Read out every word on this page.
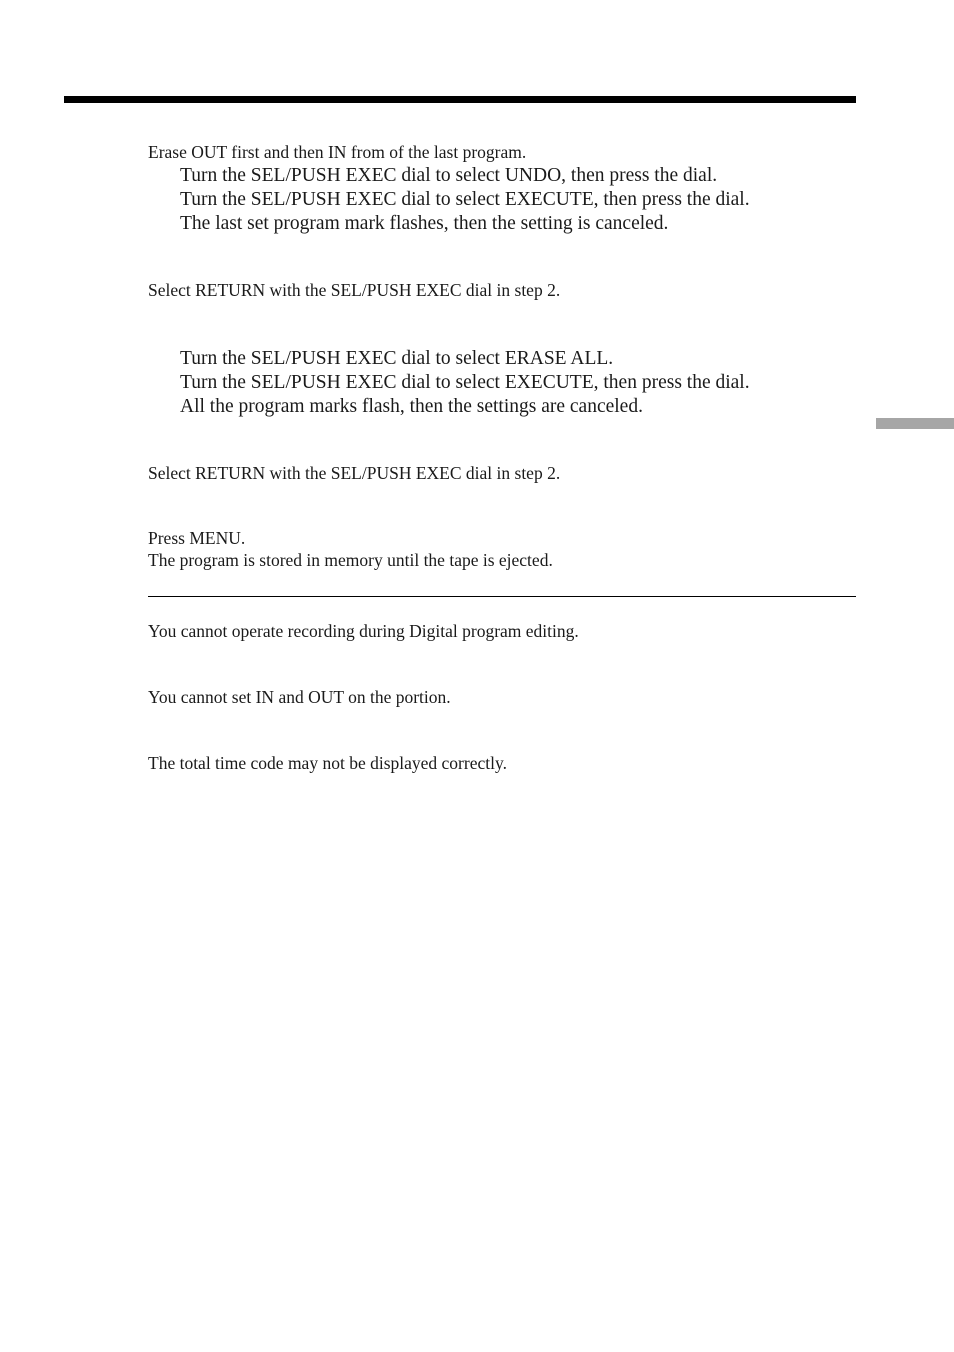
Erase OUT first and then IN from of the last program.
Turn the SEL/PUSH EXEC dial to select UNDO, then press the dial.
Turn the SEL/PUSH EXEC dial to select EXECUTE, then press the dial.
The last set program mark flashes, then the setting is canceled.
Select RETURN with the SEL/PUSH EXEC dial in step 2.
Turn the SEL/PUSH EXEC dial to select ERASE ALL.
Turn the SEL/PUSH EXEC dial to select EXECUTE, then press the dial.
All the program marks flash, then the settings are canceled.
Select RETURN with the SEL/PUSH EXEC dial in step 2.
Press MENU.
The program is stored in memory until the tape is ejected.
You cannot operate recording during Digital program editing.
You cannot set IN and OUT on the portion.
The total time code may not be displayed correctly.
